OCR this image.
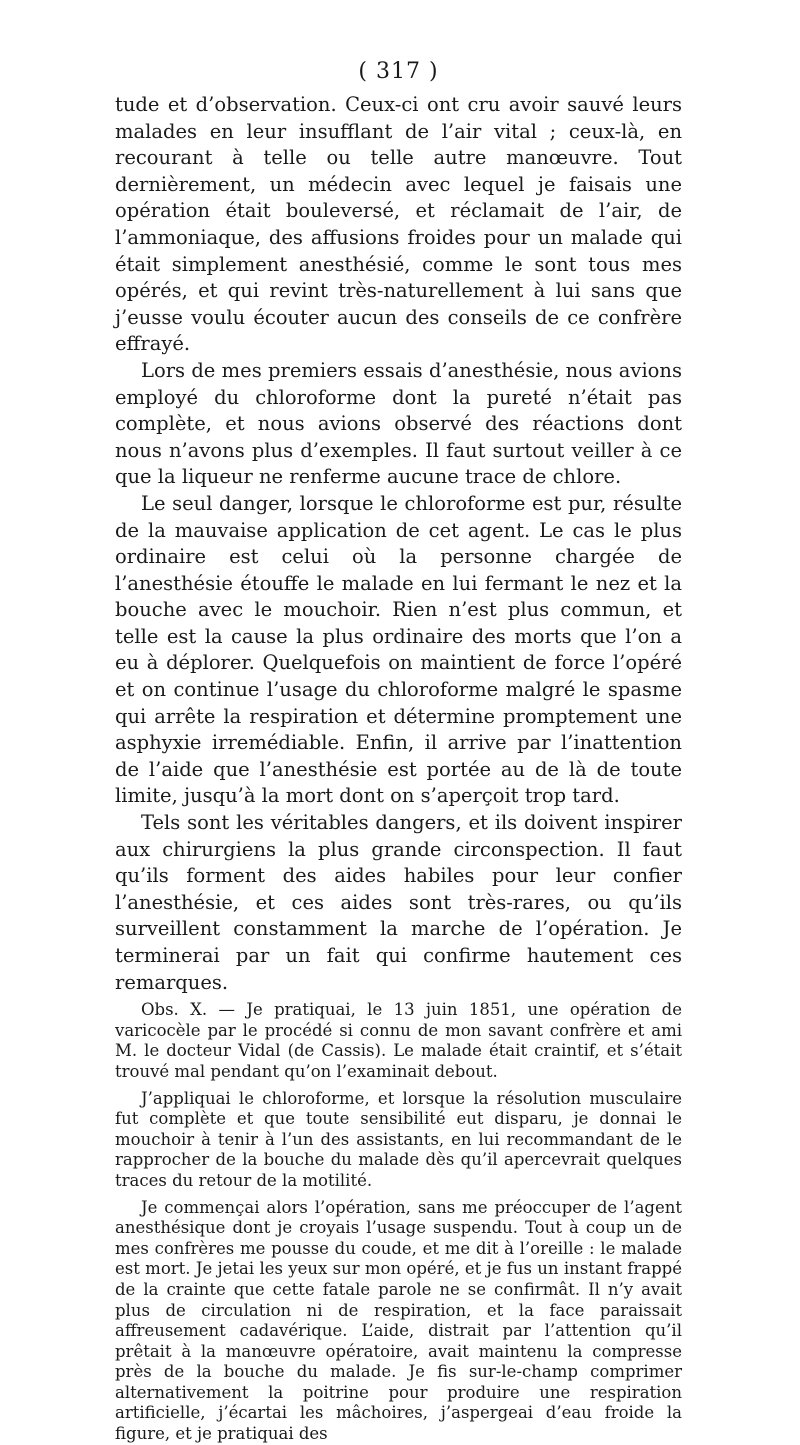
( 317 )

tude et d’observation. Ceux-ci ont cru avoir sauvé leurs malades en leur insufflant de l’air vital ; ceux-là, en recourant à telle ou telle autre manœuvre. Tout dernièrement, un médecin avec lequel je faisais une opération était bouleversé, et réclamait de l’air, de l’ammoniaque, des affusions froides pour un malade qui était simplement anesthésié, comme le sont tous mes opérés, et qui revint très-naturellement à lui sans que j’eusse voulu écouter aucun des conseils de ce confrère effrayé.

Lors de mes premiers essais d’anesthésie, nous avions employé du chloroforme dont la pureté n’était pas complète, et nous avions observé des réactions dont nous n’avons plus d’exemples. Il faut surtout veiller à ce que la liqueur ne renferme aucune trace de chlore.

Le seul danger, lorsque le chloroforme est pur, résulte de la mauvaise application de cet agent. Le cas le plus ordinaire est celui où la personne chargée de l’anesthésie étouffe le malade en lui fermant le nez et la bouche avec le mouchoir. Rien n’est plus commun, et telle est la cause la plus ordinaire des morts que l’on a eu à déplorer. Quelquefois on maintient de force l’opéré et on continue l’usage du chloroforme malgré le spasme qui arrête la respiration et détermine promptement une asphyxie irremédiable. Enfin, il arrive par l’inattention de l’aide que l’anesthésie est portée au de là de toute limite, jusqu’à la mort dont on s’aperçoit trop tard.

Tels sont les véritables dangers, et ils doivent inspirer aux chirurgiens la plus grande circonspection. Il faut qu’ils forment des aides habiles pour leur confier l’anesthésie, et ces aides sont très-rares, ou qu’ils surveillent constamment la marche de l’opération. Je terminerai par un fait qui confirme hautement ces remarques.

Obs. X. — Je pratiquai, le 13 juin 1851, une opération de varicocèle par le procédé si connu de mon savant confrère et ami M. le docteur Vidal (de Cassis). Le malade était craintif, et s’était trouvé mal pendant qu’on l’examinait debout.

J’appliquai le chloroforme, et lorsque la résolution musculaire fut complète et que toute sensibilité eut disparu, je donnai le mouchoir à tenir à l’un des assistants, en lui recommandant de le rapprocher de la bouche du malade dès qu’il apercevrait quelques traces du retour de la motilité.

Je commençai alors l’opération, sans me préoccuper de l’agent anesthésique dont je croyais l’usage suspendu. Tout à coup un de mes confrères me pousse du coude, et me dit à l’oreille : le malade est mort. Je jetai les yeux sur mon opéré, et je fus un instant frappé de la crainte que cette fatale parole ne se confirmât. Il n’y avait plus de circulation ni de respiration, et la face paraissait affreusement cadavérique. L’aide, distrait par l’attention qu’il prêtait à la manœuvre opératoire, avait maintenu la compresse près de la bouche du malade. Je fis sur-le-champ comprimer alternativement la poitrine pour produire une respiration artificielle, j’écartai les mâchoires, j’aspergeai d’eau froide la figure, et je pratiquai des
